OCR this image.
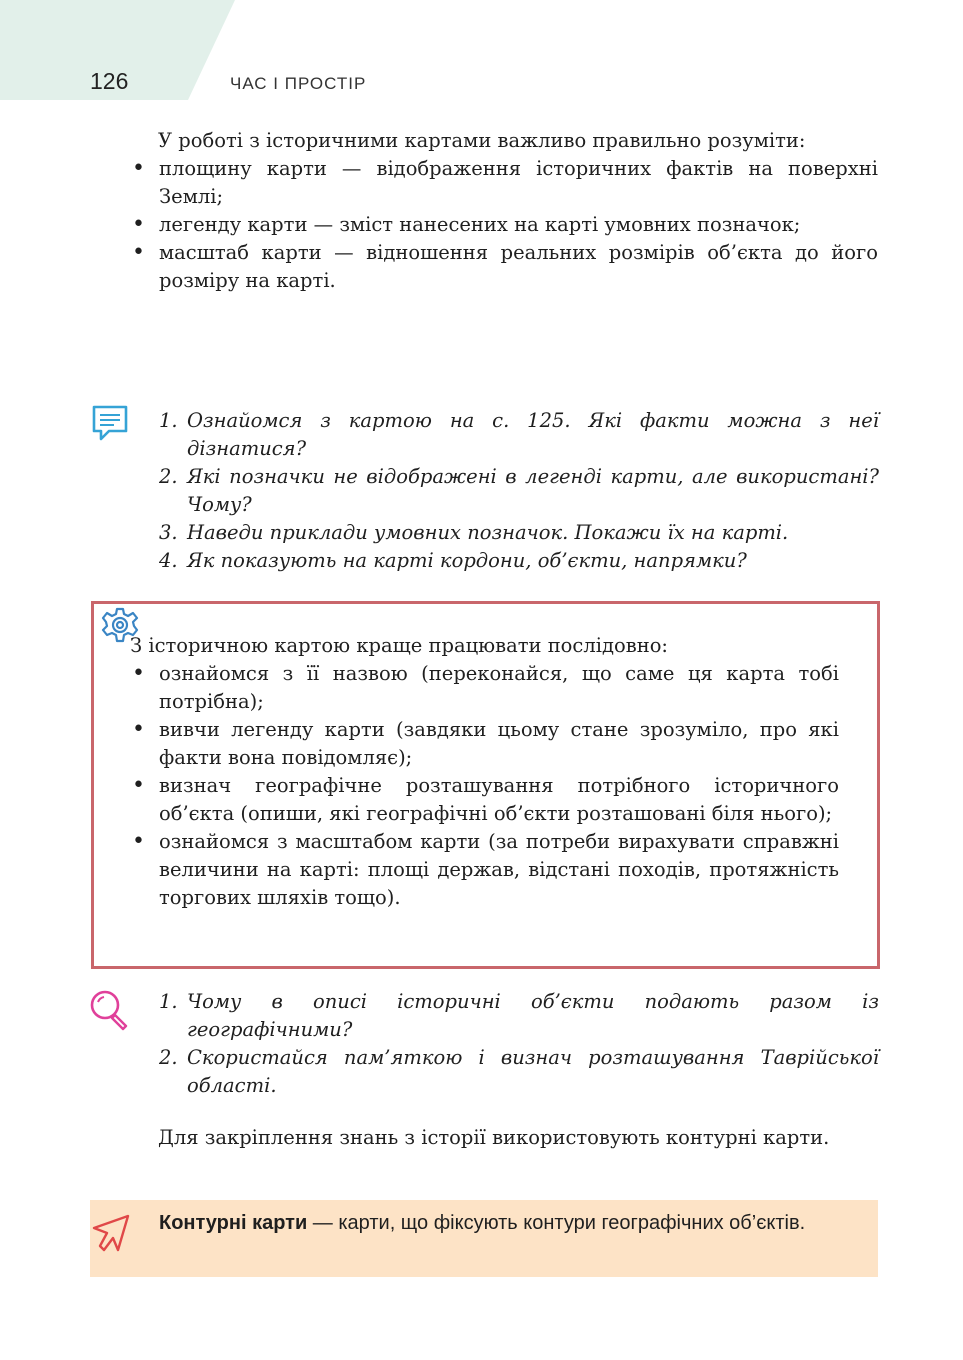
126	ЧАС І ПРОСТІР

У роботі з історичними картами важливо правильно розуміти:

• площину карти — відображення історичних фактів на поверхні Землі;
• легенду карти — зміст нанесених на карті умовних позначок;
• масштаб карти — відношення реальних розмірів об’єкта до його розміру на карті.
1. Ознайомся з картою на с. 125. Які факти можна з неї дізнатися?
2. Які позначки не відображені в легенді карти, але використані? Чому?
3. Наведи приклади умовних позначок. Покажи їх на карті.
4. Як показують на карті кордони, об’єкти, напрямки?

З історичною картою краще працювати послідовно:

• ознайомся з її назвою (переконайся, що саме ця карта тобі потрібна);
• вивчи легенду карти (завдяки цьому стане зрозуміло, про які факти вона повідомляє);
• визнач географічне розташування потрібного історичного об’єкта (опиши, які географічні об’єкти розташовані біля нього);
• ознайомся з масштабом карти (за потреби вирахувати справжні величини на карті: площі держав, відстані походів, протяжність торгових шляхів тощо).
1. Чому в описі історичні об’єкти подають разом із географічними?
2. Скористайся пам’яткою і визнач розташування Таврійської області.

Для закріплення знань з історії використовують контурні карти.

Контурні карти — карти, що фіксують контури географічних об’єктів.
